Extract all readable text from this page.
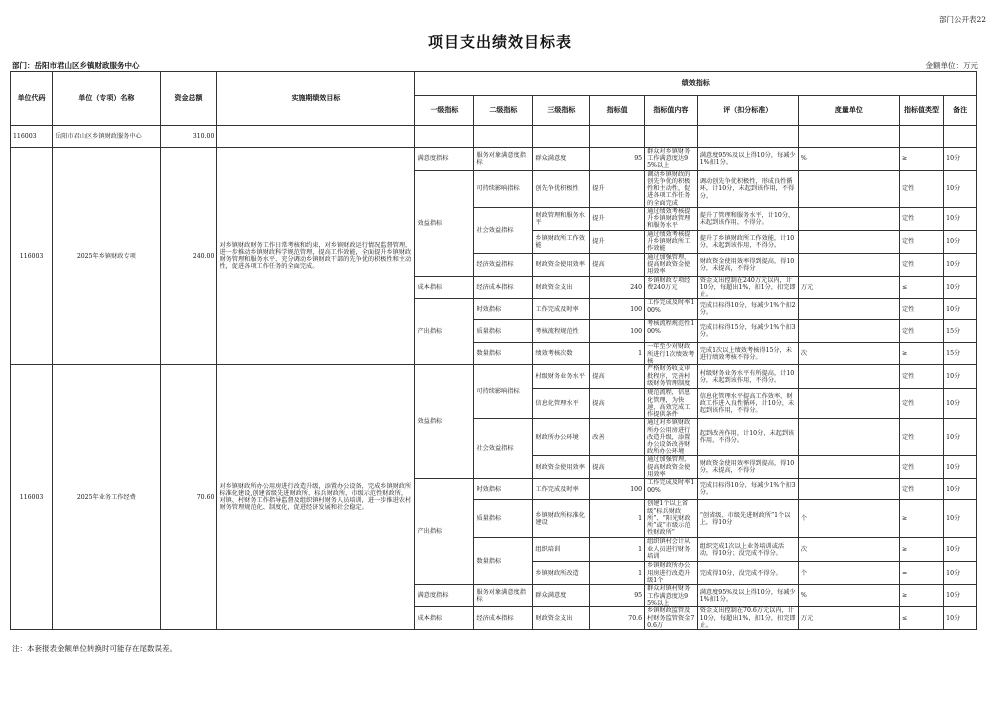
部门公开表22
项目支出绩效目标表
部门：岳阳市君山区乡镇财政服务中心	金额单位：万元
单位代码	单位（专项）名称	资金总额	实施期绩效目标	绩效指标								
				一级指标	二级指标	三级指标	指标值	指标值内容	评（扣分标准）	度量单位	指标值类型	备注
116003	岳阳市君山区乡镇财政服务中心	310.00										
116003	2025年乡镇财政专项	240.00	对乡镇财政财务工作日常考核和约束，对乡镇财政运行情况监督管理，进一步推动乡镇财政科学规范管理，提高工作效能，全面提升乡镇财政财务管理和服务水平，充分调动乡镇财政干部的先争优的积极性和主动性，促进各项工作任务的全面完成。	满意度指标	服务对象满意度指标	群众满意度	95	群众对乡镇财务工作满意度达95%以上	满意度95%及以上得10分，每减少1%扣1分。	%	≥	10分
				效益指标	可持续影响指标	创先争优积极性	提升	调动乡镇财政的创先争优的积极性和主动性，促进各项工作任务的全面完成	调动创先争优积极性，形成良性循环，计10分，未起到该作用，不得分。		定性	10分
					社会效益指标	财政管理和服务水平	提升	通过绩效考核提升乡镇财政管理和服务水平	提升了管理和服务水平，计10分，未起到该作用，不得分。		定性	10分
						乡镇财政所工作效能	提升	通过绩效考核提升乡镇财政所工作效能	提升了乡镇财政所工作效能，计10分，未起到该作用，不得分。		定性	10分
					经济效益指标	财政资金使用效率	提高	通过加强管理，提高财政资金使用效率	财政资金使用效率得到提高，得10分，未提高，不得分		定性	10分
				成本指标	经济成本指标	财政资金支出	240	乡镇财政专项经费240万元	资金支出控制在240万元以内，计10分，每超出1%，扣1分，扣完即止。	万元	≤	10分
				产出指标	时效指标	工作完成及时率	100	工作完成及时率100%	完成目标得10分，每减少1%个扣2分。		定性	10分
					质量指标	考核流程规范性	100	考核流程规范性100%	完成目标得15分，每减少1%个扣3分。		定性	15分
					数量指标	绩效考核次数	1	一年至少对财政所进行1次绩效考核	完成1次以上绩效考核得15分，未进行绩效考核不得分。	次	≥	15分
116003	2025年业务工作经费	70.60	对乡镇财政所办公用房进行改造升级，添置办公设备，完成乡镇财政所标准化建设,创建省级先进财政所、标兵财政所，市级示范性财政所，对镇、村财务工作指导监督及组织镇村财务人员培训，进一步推进农村财务管理规范化、制度化，促进经济发展和社会稳定。	效益指标	可持续影响指标	村级财务业务水平	提高	严格财务收支审批程序，完善村级财务管理制度	村级财务业务水平有所提高，计10分，未起到该作用，不得分。		定性	10分
						信息化管理水平	提高	规范流程，信息化管理，为快速、高效完成工作提供条件	信息化管理水平提高工作效率，财政工作进入良性循环，计10分，未起到该作用，不得分。		定性	10分
					社会效益指标	财政所办公环境	改善	通过对乡镇财政所办公用房进行改造升级，添置办公设备改善财政所办公环境	起到改善作用，计10分，未起到该作用，不得分。		定性	10分
						财政资金使用效率	提高	通过加强管理，提高财政资金使用效率	财政资金使用效率得到提高，得10分，未提高，不得分		定性	10分
				产出指标	时效指标	工作完成及时率	100	工作完成及时率100%	完成目标得10分，每减少1%个扣3分。		定性	10分
					质量指标	乡镇财政所标准化建设	1	创建1个以上省级“标兵财政所”、“阳光财政所”或“市级示范性财政所”	“创省级、市级先进财政所”1个以上，得10分	个	≥	10分
					数量指标	组织培训	1	组织镇村会计从业人员进行财务培训	组织完成1次以上业务培训或活动，得10分；没完成不得分。	次	≥	10分
						乡镇财政所改造	1	乡镇财政所办公用房进行改造升级1个	完成得10分，没完成不得分。	个	=	10分
				满意度指标	服务对象满意度指标	群众满意度	95	群众对镇村财务工作满意度达95%以上	满意度95%及以上得10分，每减少1%扣1分。	%	≥	10分
				成本指标	经济成本指标	财政资金支出	70.6	乡镇财政监管及村财务监管资金70.6万	资金支出控制在70.6万元以内，计10分，每超出1%，扣1分，扣完即止。	万元	≤	10分
注：本套报表金额单位转换时可能存在尾数误差。
